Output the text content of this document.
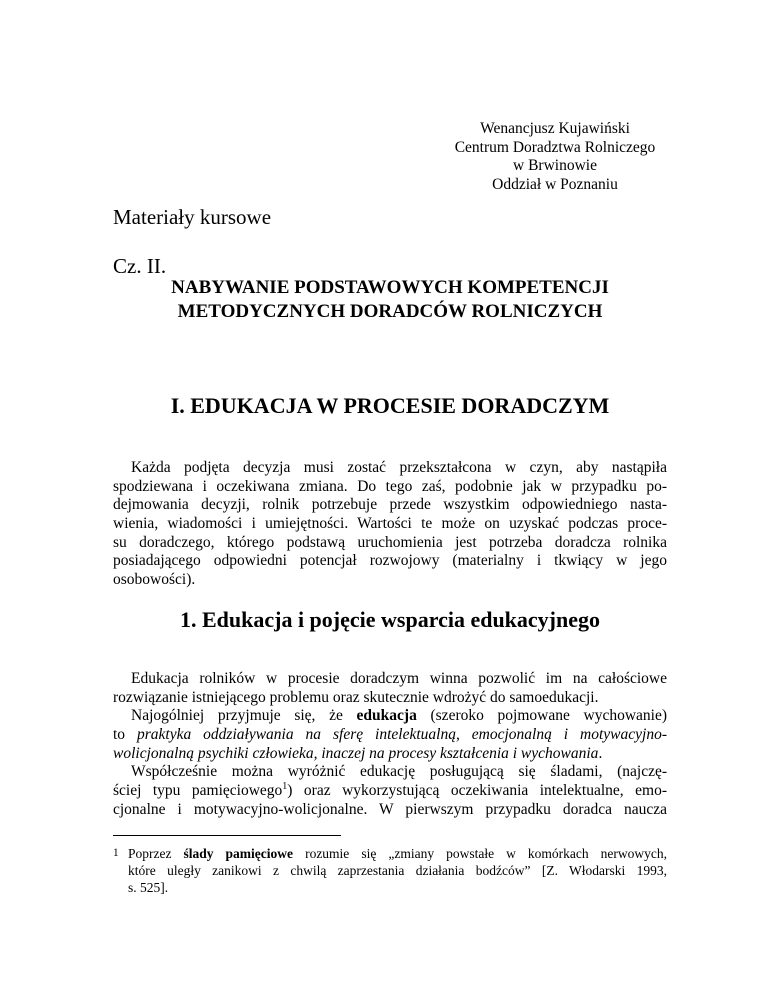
Wenancjusz Kujawiński
Centrum Doradztwa Rolniczego
w Brwinowie
Oddział w Poznaniu
Materiały kursowe
Cz. II.
NABYWANIE PODSTAWOWYCH KOMPETENCJI
METODYCZNYCH DORADCÓW ROLNICZYCH
I. EDUKACJA W PROCESIE DORADCZYM
Każda podjęta decyzja musi zostać przekształcona w czyn, aby nastąpiła
spodziewana i oczekiwana zmiana. Do tego zaś, podobnie jak w przypadku po-
dejmowania decyzji, rolnik potrzebuje przede wszystkim odpowiedniego nasta-
wienia, wiadomości i umiejętności. Wartości te może on uzyskać podczas proce-
su doradczego, którego podstawą uruchomienia jest potrzeba doradcza rolnika
posiadającego odpowiedni potencjał rozwojowy (materialny i tkwiący w jego
osobowości).
1. Edukacja i pojęcie wsparcia edukacyjnego
Edukacja rolników w procesie doradczym winna pozwolić im na całościowe
rozwiązanie istniejącego problemu oraz skutecznie wdrożyć do samoedukacji.
Najogólniej przyjmuje się, że edukacja (szeroko pojmowane wychowanie)
to praktyka oddziaływania na sferę intelektualną, emocjonalną i motywacyjno-
wolicjonalną psychiki człowieka, inaczej na procesy kształcenia i wychowania.
Współcześnie można wyróżnić edukację posługującą się śladami, (najczę-
ściej typu pamięciowego$^1$) oraz wykorzystującą oczekiwania intelektualne, emo-
cjonalne i motywacyjno-wolicjonalne. W pierwszym przypadku doradca naucza
$^1$ Poprzez ślady pamięciowe rozumie się „zmiany powstałe w komórkach nerwowych,
które uległy zanikowi z chwilą zaprzestania działania bodźców” [Z. Włodarski 1993,
s. 525].
